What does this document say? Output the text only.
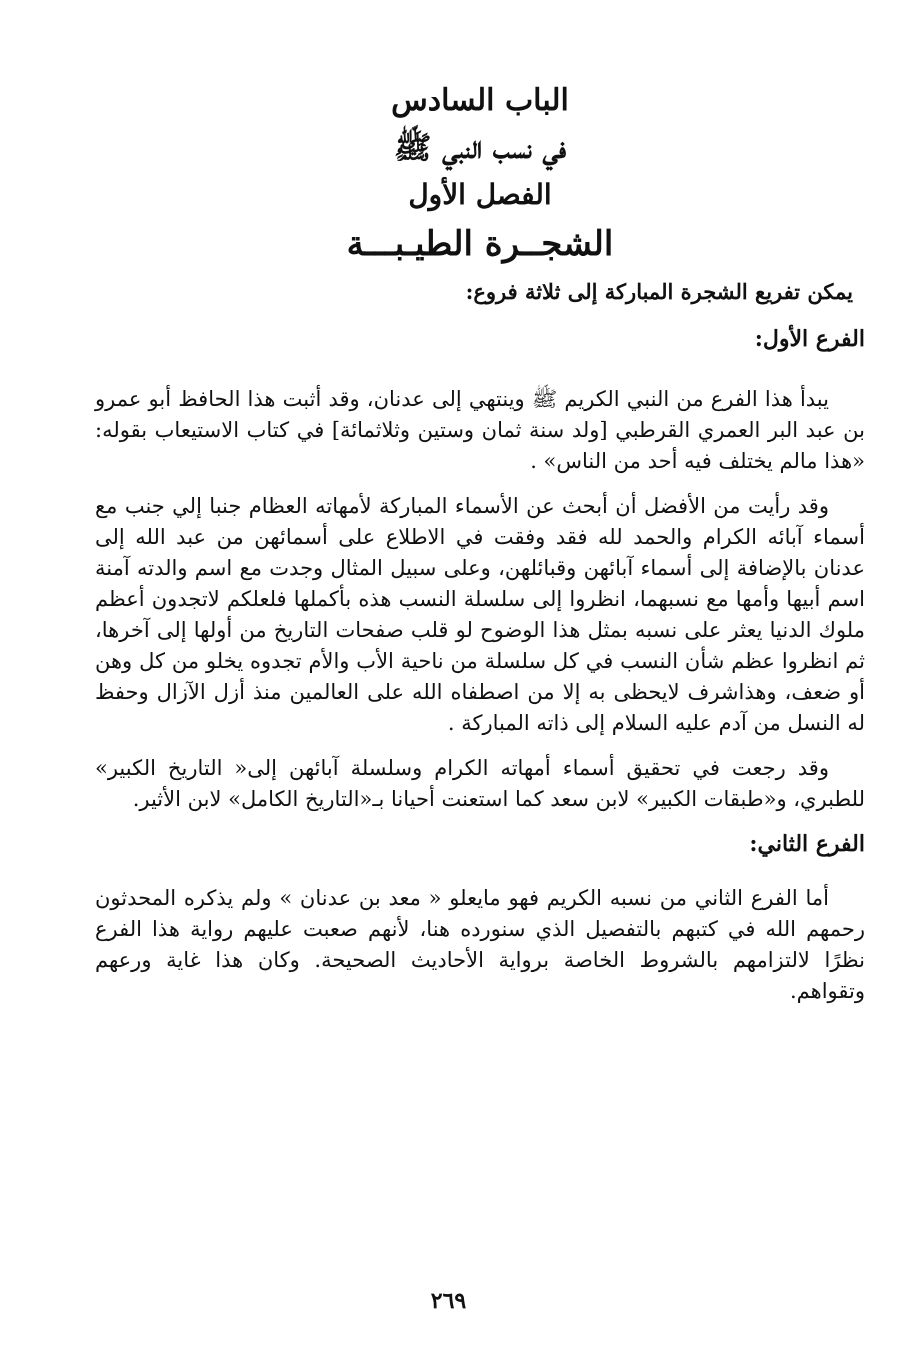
الباب السادس
في نسب النبي ﷺ
الفصل الأول
الشجــرة الطيـبـــة
يمكن تفريع الشجرة المباركة إلى ثلاثة فروع:
الفرع الأول:

يبدأ هذا الفرع من النبي الكريم ﷺ وينتهي إلى عدنان، وقد أثبت هذا الحافظ أبو عمرو بن عبد البر العمري القرطبي [ولد سنة ثمان وستين وثلاثمائة] في كتاب الاستيعاب بقوله: «هذا مالم يختلف فيه أحد من الناس» .

وقد رأيت من الأفضل أن أبحث عن الأسماء المباركة لأمهاته العظام جنبا إلي جنب مع أسماء آبائه الكرام والحمد لله فقد وفقت في الاطلاع على أسمائهن من عبد الله إلى عدنان بالإضافة إلى أسماء آبائهن وقبائلهن، وعلى سبيل المثال وجدت مع اسم والدته آمنة اسم أبيها وأمها مع نسبهما، انظروا إلى سلسلة النسب هذه بأكملها فلعلكم لاتجدون أعظم ملوك الدنيا يعثر على نسبه بمثل هذا الوضوح لو قلب صفحات التاريخ من أولها إلى آخرها، ثم انظروا عظم شأن النسب في كل سلسلة من ناحية الأب والأم تجدوه يخلو من كل وهن أو ضعف، وهذاشرف لايحظى به إلا من اصطفاه الله على العالمين منذ أزل الآزال وحفظ له النسل من آدم عليه السلام إلى ذاته المباركة .

وقد رجعت في تحقيق أسماء أمهاته الكرام وسلسلة آبائهن إلى« التاريخ الكبير» للطبري، و«طبقات الكبير» لابن سعد كما استعنت أحيانا بـ«التاريخ الكامل» لابن الأثير.

الفرع الثاني:

أما الفرع الثاني من نسبه الكريم فهو مايعلو « معد بن عدنان » ولم يذكره المحدثون رحمهم الله في كتبهم بالتفصيل الذي سنورده هنا، لأنهم صعبت عليهم رواية هذا الفرع نظرًا لالتزامهم بالشروط الخاصة برواية الأحاديث الصحيحة. وكان هذا غاية ورعهم وتقواهم.

٢٦٩
